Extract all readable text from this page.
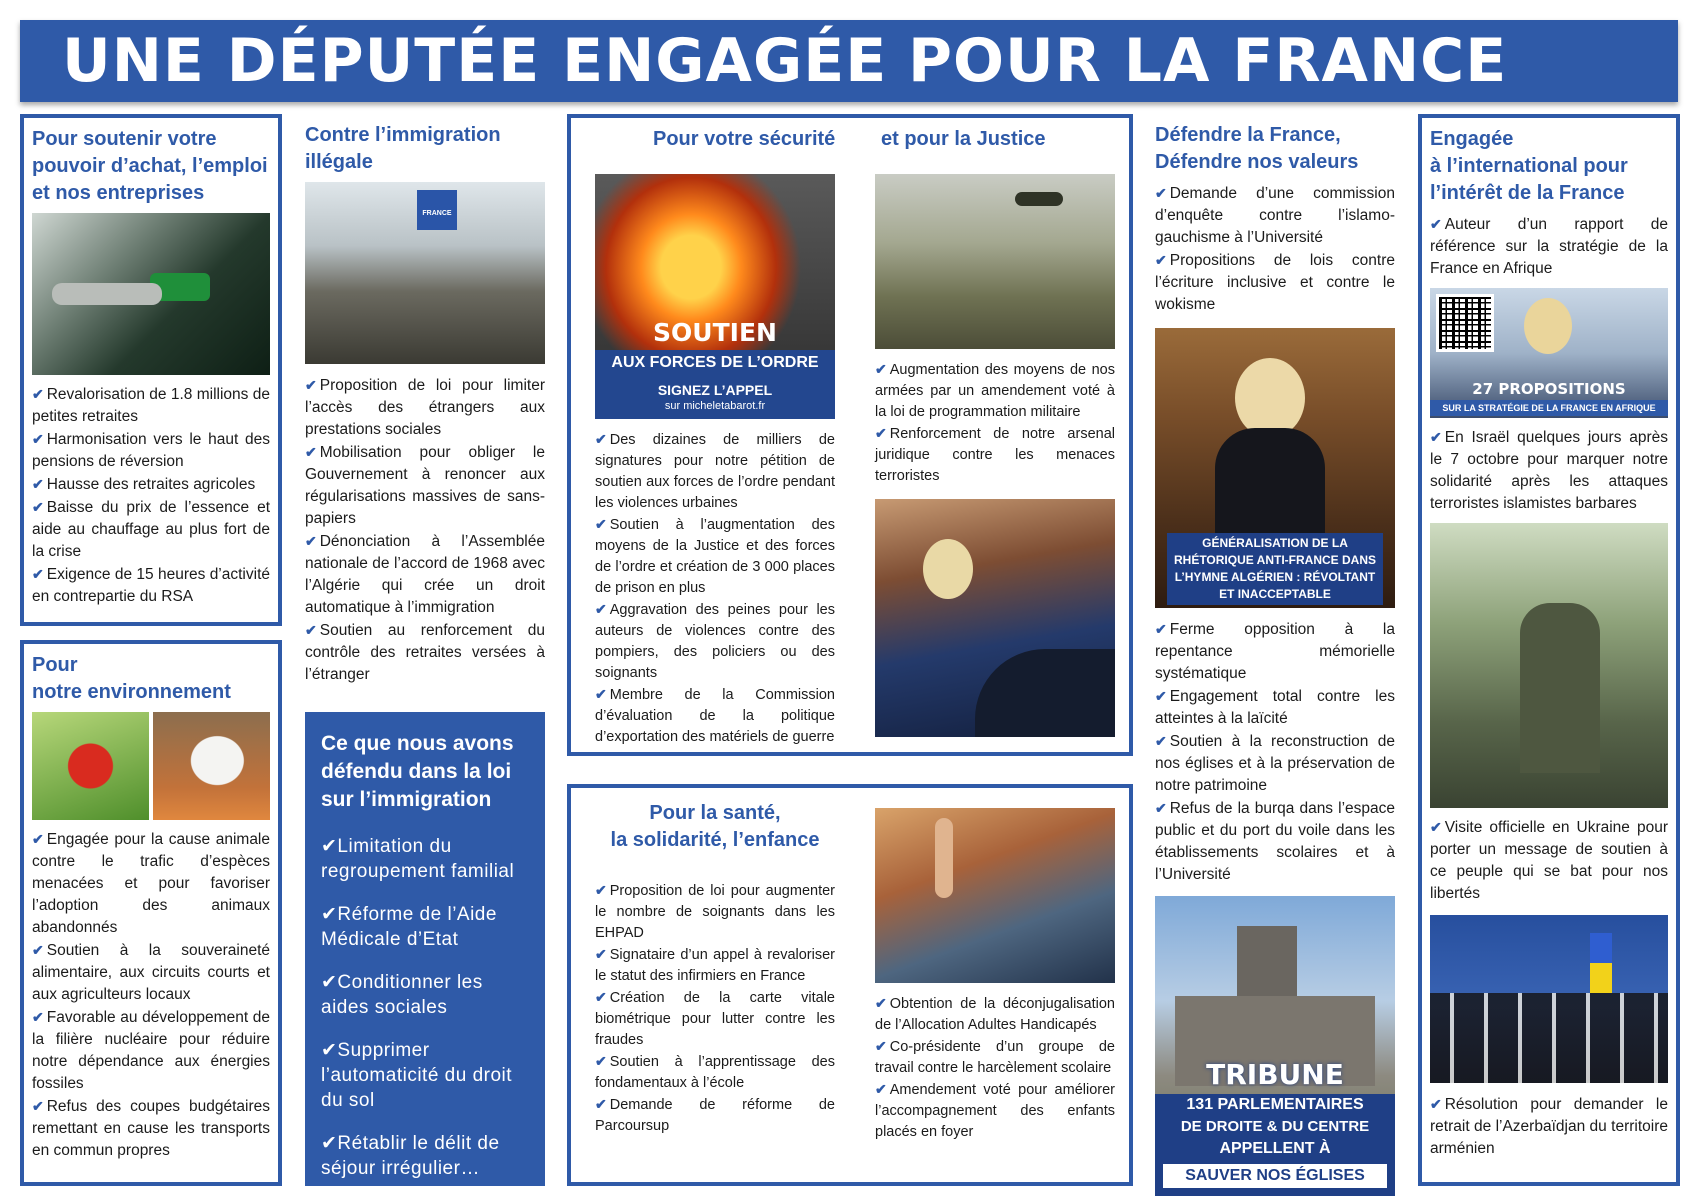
UNE DÉPUTÉE ENGAGÉE POUR LA FRANCE
Pour soutenir votre pouvoir d’achat, l’emploi et nos entreprises
✔ Revalorisation de 1.8 millions de petites retraites
✔ Harmonisation vers le haut des pensions de réversion
✔ Hausse des retraites agricoles
✔ Baisse du prix de l’essence et aide au chauffage au plus fort de la crise
✔ Exigence de 15 heures d’activité en contrepartie du RSA
Pour
notre environnement
✔ Engagée pour la cause animale contre le trafic d’espèces menacées et pour favoriser l’adoption des animaux abandonnés
✔ Soutien à la souveraineté alimentaire, aux circuits courts et aux agriculteurs locaux
✔ Favorable au développement de la filière nucléaire pour réduire notre dépendance aux énergies fossiles
✔ Refus des coupes budgétaires remettant en cause les transports en commun propres
Contre l’immigration illégale
FRANCE
✔ Proposition de loi pour limiter l’accès des étrangers aux prestations sociales
✔ Mobilisation pour obliger le Gouvernement à renoncer aux régularisations massives de sans-papiers
✔ Dénonciation à l’Assemblée nationale de l’accord de 1968 avec l’Algérie qui crée un droit automatique à l’immigration
✔ Soutien au renforcement du contrôle des retraites versées à l’étranger
Ce que nous avons défendu dans la loi sur l’immigration
✔Limitation du regroupement familial
✔Réforme de l’Aide Médicale d’Etat
✔Conditionner les aides sociales
✔Supprimer l’automaticité du droit du sol
✔Rétablir le délit de séjour irrégulier…
Pour votre sécurité et pour la Justice
SOUTIEN
AUX FORCES DE L’ORDRE
SIGNEZ L’APPEL
sur micheletabarot.fr
✔ Des dizaines de milliers de signatures pour notre pétition de soutien aux forces de l’ordre pendant les violences urbaines
✔ Soutien à l’augmentation des moyens de la Justice et des forces de l’ordre et création de 3 000 places de prison en plus
✔ Aggravation des peines pour les auteurs de violences contre des pompiers, des policiers ou des soignants
✔ Membre de la Commission d’évaluation de la politique d’exportation des matériels de guerre
✔ Augmentation des moyens de nos armées par un amendement voté à la loi de programmation militaire
✔ Renforcement de notre arsenal juridique contre les menaces terroristes
Pour la santé,
la solidarité, l’enfance
✔ Proposition de loi pour augmenter le nombre de soignants dans les EHPAD
✔ Signataire d’un appel à revaloriser le statut des infirmiers en France
✔ Création de la carte vitale biométrique pour lutter contre les fraudes
✔ Soutien à l’apprentissage des fondamentaux à l’école
✔ Demande de réforme de Parcoursup
✔ Obtention de la déconjugalisation de l’Allocation Adultes Handicapés
✔ Co-présidente d’un groupe de travail contre le harcèlement scolaire
✔ Amendement voté pour améliorer l’accompagnement des enfants placés en foyer
Défendre la France,
Défendre nos valeurs
✔ Demande d’une commission d’enquête contre l’islamo-gauchisme à l’Université
✔ Propositions de lois contre l’écriture inclusive et contre le wokisme
GÉNÉRALISATION DE LA RHÉTORIQUE ANTI-FRANCE DANS L’HYMNE ALGÉRIEN : RÉVOLTANT ET INACCEPTABLE
✔ Ferme opposition à la repentance mémorielle systématique
✔ Engagement total contre les atteintes à la laïcité
✔ Soutien à la reconstruction de nos églises et à la préservation de notre patrimoine
✔ Refus de la burqa dans l’espace public et du port du voile dans les établissements scolaires et à l’Université
TRIBUNE
131 PARLEMENTAIRES
DE DROITE & DU CENTRE
APPELLENT À
SAUVER NOS ÉGLISES
Engagée
à l’international pour
l’intérêt de la France
✔ Auteur d’un rapport de référence sur la stratégie de la France en Afrique
27 PROPOSITIONS
SUR LA STRATÉGIE DE LA FRANCE EN AFRIQUE
✔ En Israël quelques jours après le 7 octobre pour marquer notre solidarité après les attaques terroristes islamistes barbares
✔ Visite officielle en Ukraine pour porter un message de soutien à ce peuple qui se bat pour nos libertés
✔ Résolution pour demander le retrait de l’Azerbaïdjan du territoire arménien
